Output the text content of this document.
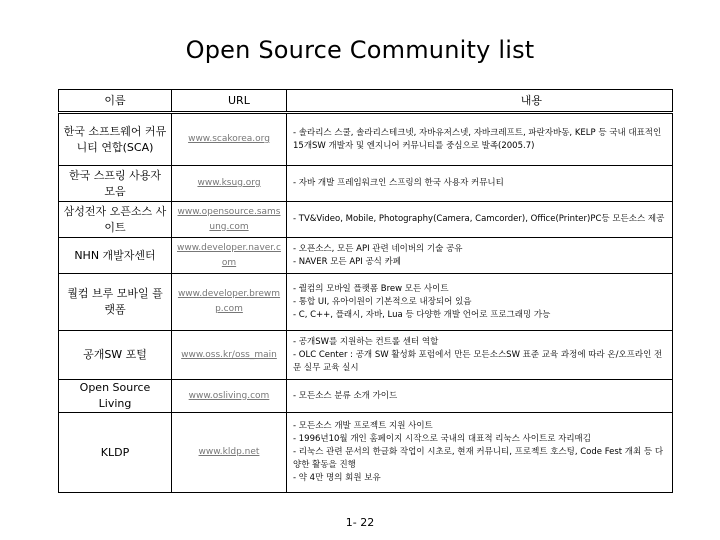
Open Source Community list
이름	URL	내용
한국 소프트웨어 커뮤니티 연합(SCA)	www.scakorea.org	- 솔라리스 스쿨, 솔라리스테크넷, 자바유저스넷, 자바크레프트, 파란자바동, KELP 등 국내 대표적인 15개SW 개발자 및 엔지니어 커뮤니티를 중심으로 발족(2005.7)

한국 스프링 사용자 모음	www.ksug.org	- 자바 개발 프레임워크인 스프링의 한국 사용자 커뮤니티

삼성전자 오픈소스 사이트	www.opensource.samsung.com	- TV&Video, Mobile, Photography(Camera, Camcorder), Office(Printer)PC등 모든소스 제공

NHN 개발자센터	www.developer.naver.com	- 오픈소스, 모든 API 관련 네이버의 기술 공유
- NAVER 모든 API 공식 카페

퀄컴 브루 모바일 플랫폼	www.developer.brewmp.com	- 퀄컴의 모바일 플랫폼 Brew 모든 사이트
- 통합 UI, 유아이원이 기본적으로 내장되어 있음
- C, C++, 플래시, 자바, Lua 등 다양한 개발 언어로 프로그래밍 가능

공개SW 포털	www.oss.kr/oss_main	- 공개SW를 지원하는 컨트롤 센터 역할
- OLC Center : 공개 SW 활성화 포럼에서 만든 모든소스SW 표준 교육 과정에 따라 온/오프라인 전문 실무 교육 실시

Open Source Living	www.osliving.com	- 모든소스 분류 소개 가이드

KLDP	www.kldp.net	- 모든소스 개발 프로젝트 지원 사이트
- 1996년10월 개인 홈페이지 시작으로 국내의 대표적 리눅스 사이트로 자리매김
- 리눅스 관련 문서의 한글화 작업이 시초로, 현재 커뮤니티, 프로젝트 호스팅, Code Fest 개최 등 다양한 활동을 진행
- 약 4만 명의 회원 보유
1- 22
